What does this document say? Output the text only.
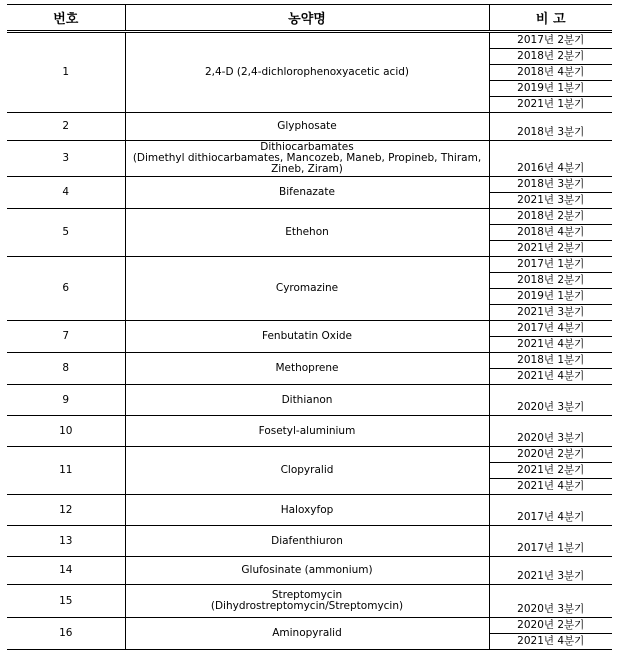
번호	농약명	비 고
1	2,4-D (2,4-dichlorophenoxyacetic acid)	2017년 2분기
		2018년 2분기
		2018년 4분기
		2019년 1분기
		2021년 1분기
2	Glyphosate	2018년 3분기
3	Dithiocarbamates
(Dimethyl dithiocarbamates, Mancozeb, Maneb, Propineb, Thiram,
Zineb, Ziram)	2016년 4분기
4	Bifenazate	2018년 3분기
		2021년 3분기
5	Ethehon	2018년 2분기
		2018년 4분기
		2021년 2분기
6	Cyromazine	2017년 1분기
		2018년 2분기
		2019년 1분기
		2021년 3분기
7	Fenbutatin Oxide	2017년 4분기
		2021년 4분기
8	Methoprene	2018년 1분기
		2021년 4분기
9	Dithianon	2020년 3분기
10	Fosetyl-aluminium	2020년 3분기
11	Clopyralid	2020년 2분기
		2021년 2분기
		2021년 4분기
12	Haloxyfop	2017년 4분기
13	Diafenthiuron	2017년 1분기
14	Glufosinate (ammonium)	2021년 3분기
15	Streptomycin
(Dihydrostreptomycin/Streptomycin)	2020년 3분기
16	Aminopyralid	2020년 2분기
		2021년 4분기
